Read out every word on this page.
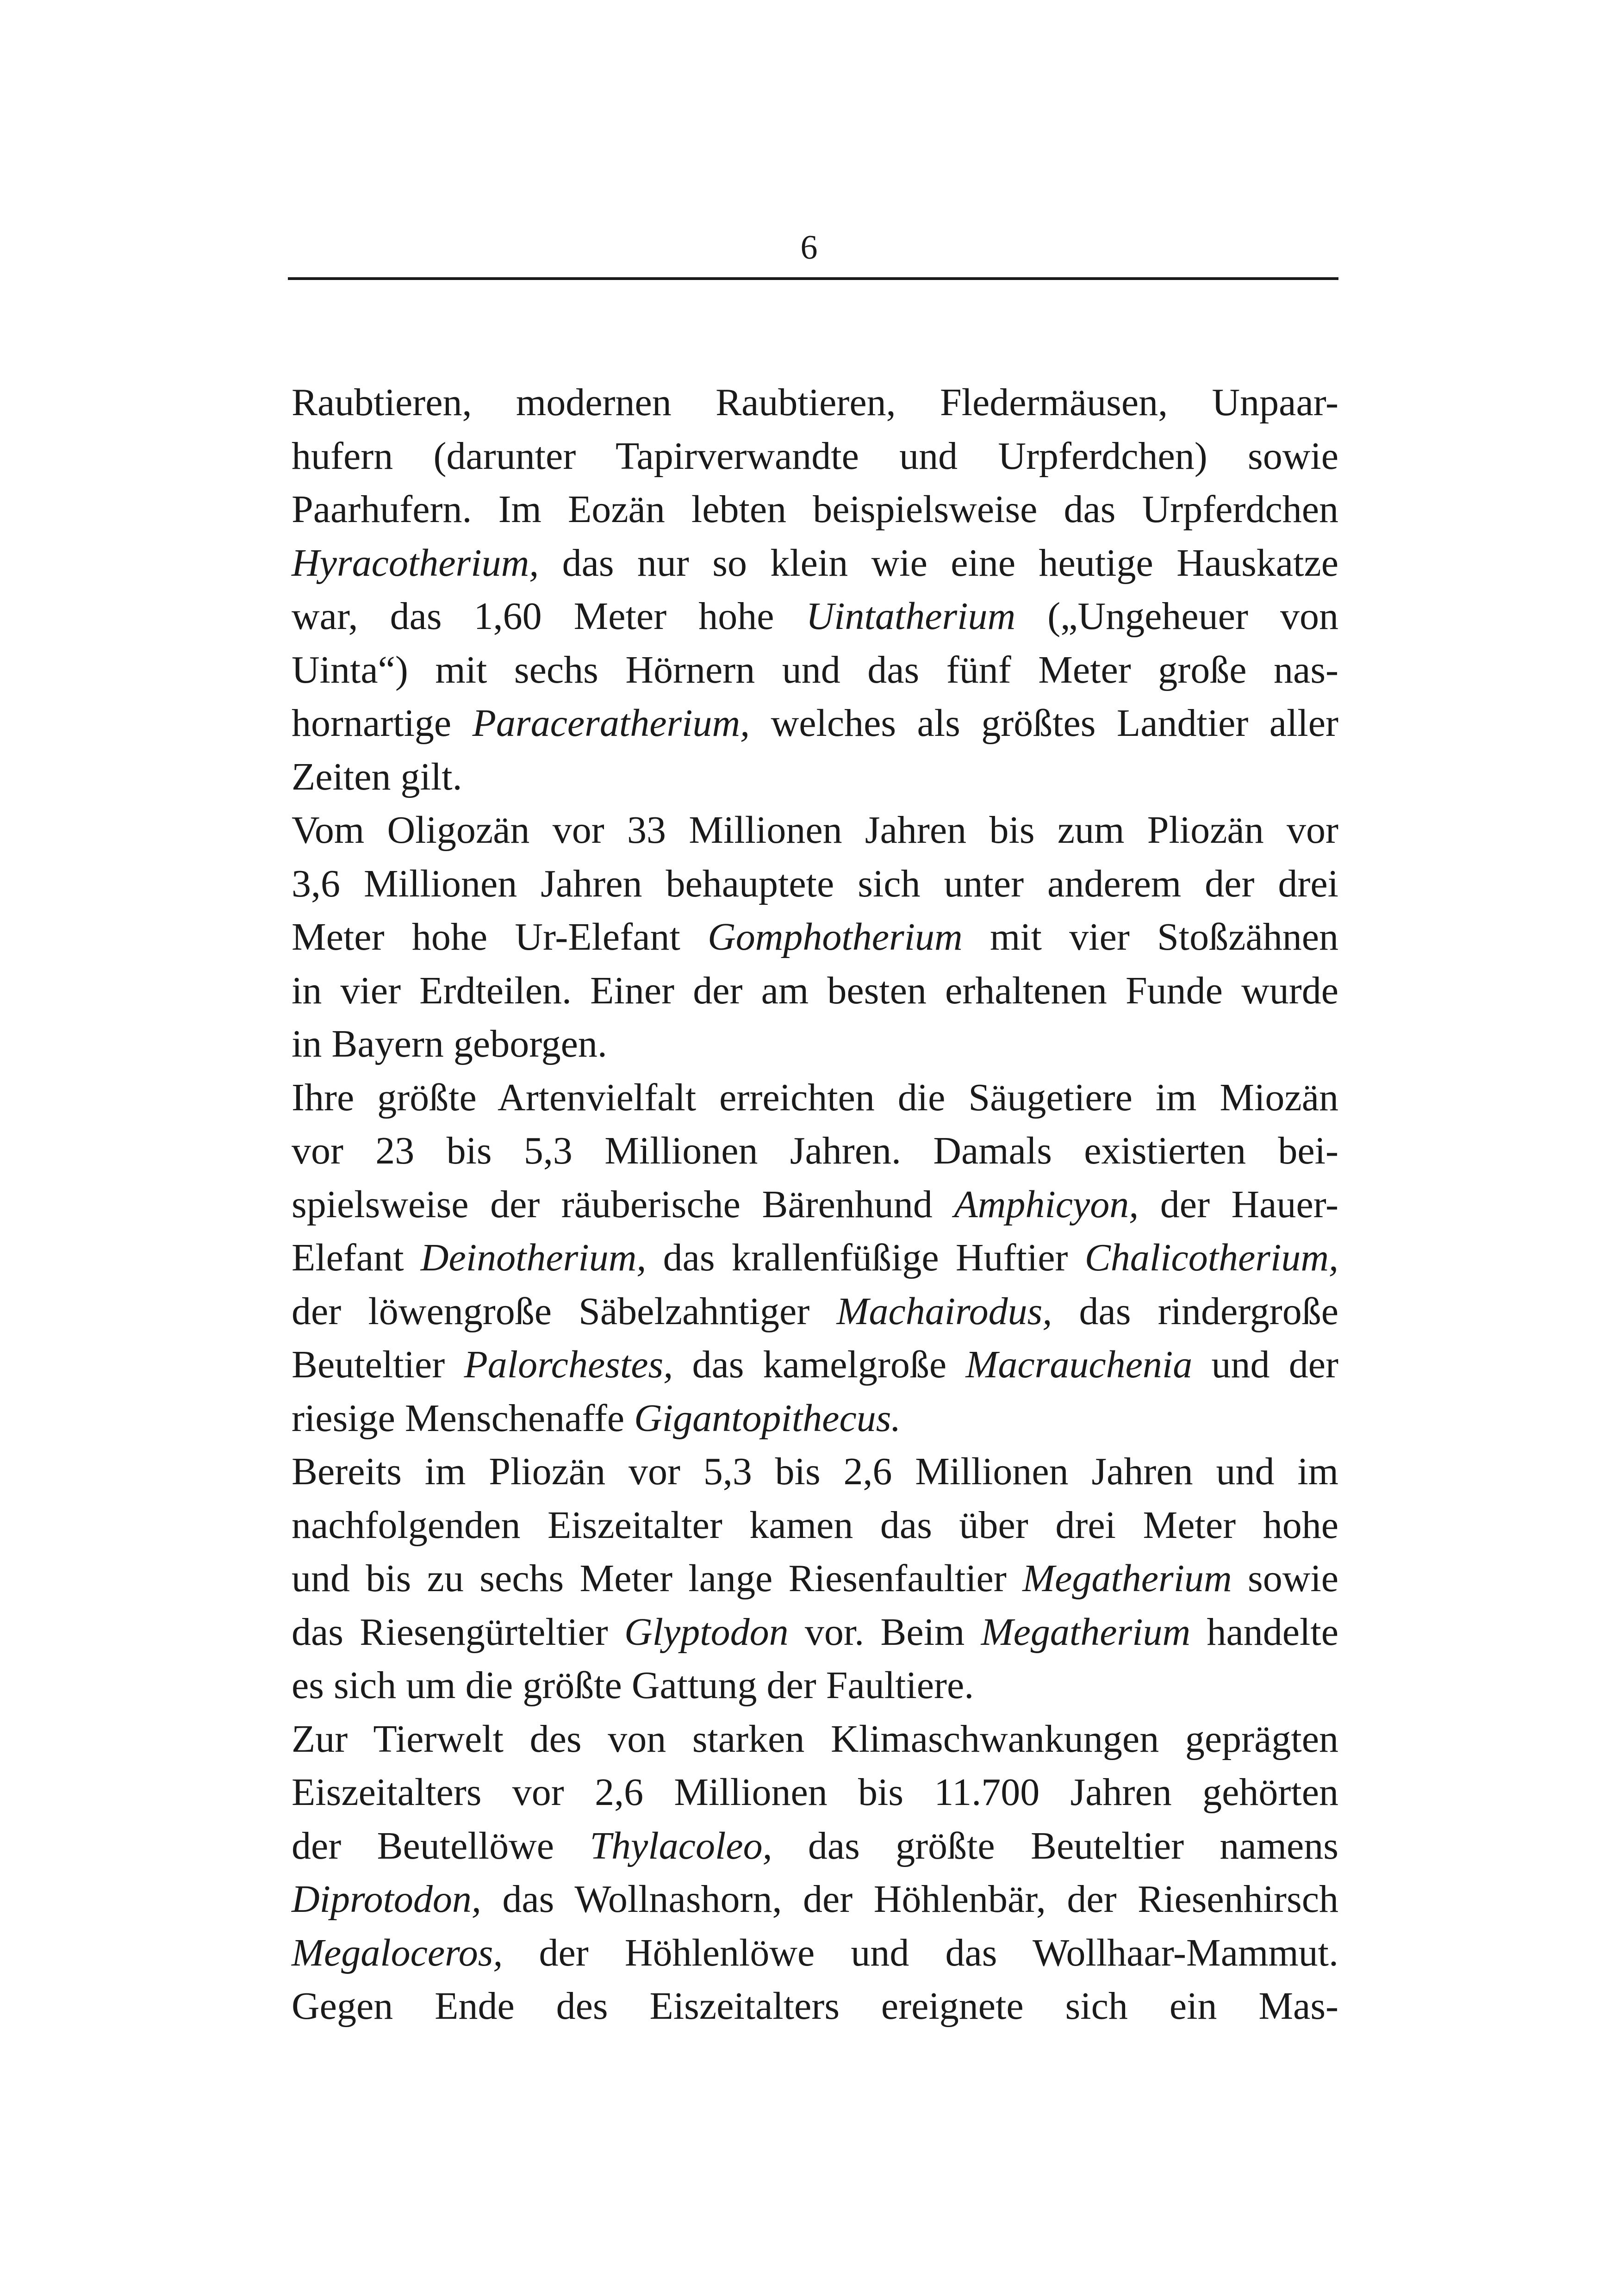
6
Raubtieren, modernen Raubtieren, Fledermäusen, Unpaar-
hufern (darunter Tapirverwandte und Urpferdchen) sowie
Paarhufern. Im Eozän lebten beispielsweise das Urpferdchen
Hyracotherium, das nur so klein wie eine heutige Hauskatze
war, das 1,60 Meter hohe Uintatherium („Ungeheuer von
Uinta“) mit sechs Hörnern und das fünf Meter große nas-
hornartige Paraceratherium, welches als größtes Landtier aller
Zeiten gilt.
Vom Oligozän vor 33 Millionen Jahren bis zum Pliozän vor
3,6 Millionen Jahren behauptete sich unter anderem der drei
Meter hohe Ur-Elefant Gomphotherium mit vier Stoßzähnen
in vier Erdteilen. Einer der am besten erhaltenen Funde wurde
in Bayern geborgen.
Ihre größte Artenvielfalt erreichten die Säugetiere im Miozän
vor 23 bis 5,3 Millionen Jahren. Damals existierten bei-
spielsweise der räuberische Bärenhund Amphicyon, der Hauer-
Elefant Deinotherium, das krallenfüßige Huftier Chalicotherium,
der löwengroße Säbelzahntiger Machairodus, das rindergroße
Beuteltier Palorchestes, das kamelgroße Macrauchenia und der
riesige Menschenaffe Gigantopithecus.
Bereits im Pliozän vor 5,3 bis 2,6 Millionen Jahren und im
nachfolgenden Eiszeitalter kamen das über drei Meter hohe
und bis zu sechs Meter lange Riesenfaultier Megatherium sowie
das Riesengürteltier Glyptodon vor. Beim Megatherium handelte
es sich um die größte Gattung der Faultiere.
Zur Tierwelt des von starken Klimaschwankungen geprägten
Eiszeitalters vor 2,6 Millionen bis 11.700 Jahren gehörten
der Beutellöwe Thylacoleo, das größte Beuteltier namens
Diprotodon, das Wollnashorn, der Höhlenbär, der Riesenhirsch
Megaloceros, der Höhlenlöwe und das Wollhaar-Mammut.
Gegen Ende des Eiszeitalters ereignete sich ein Mas-
